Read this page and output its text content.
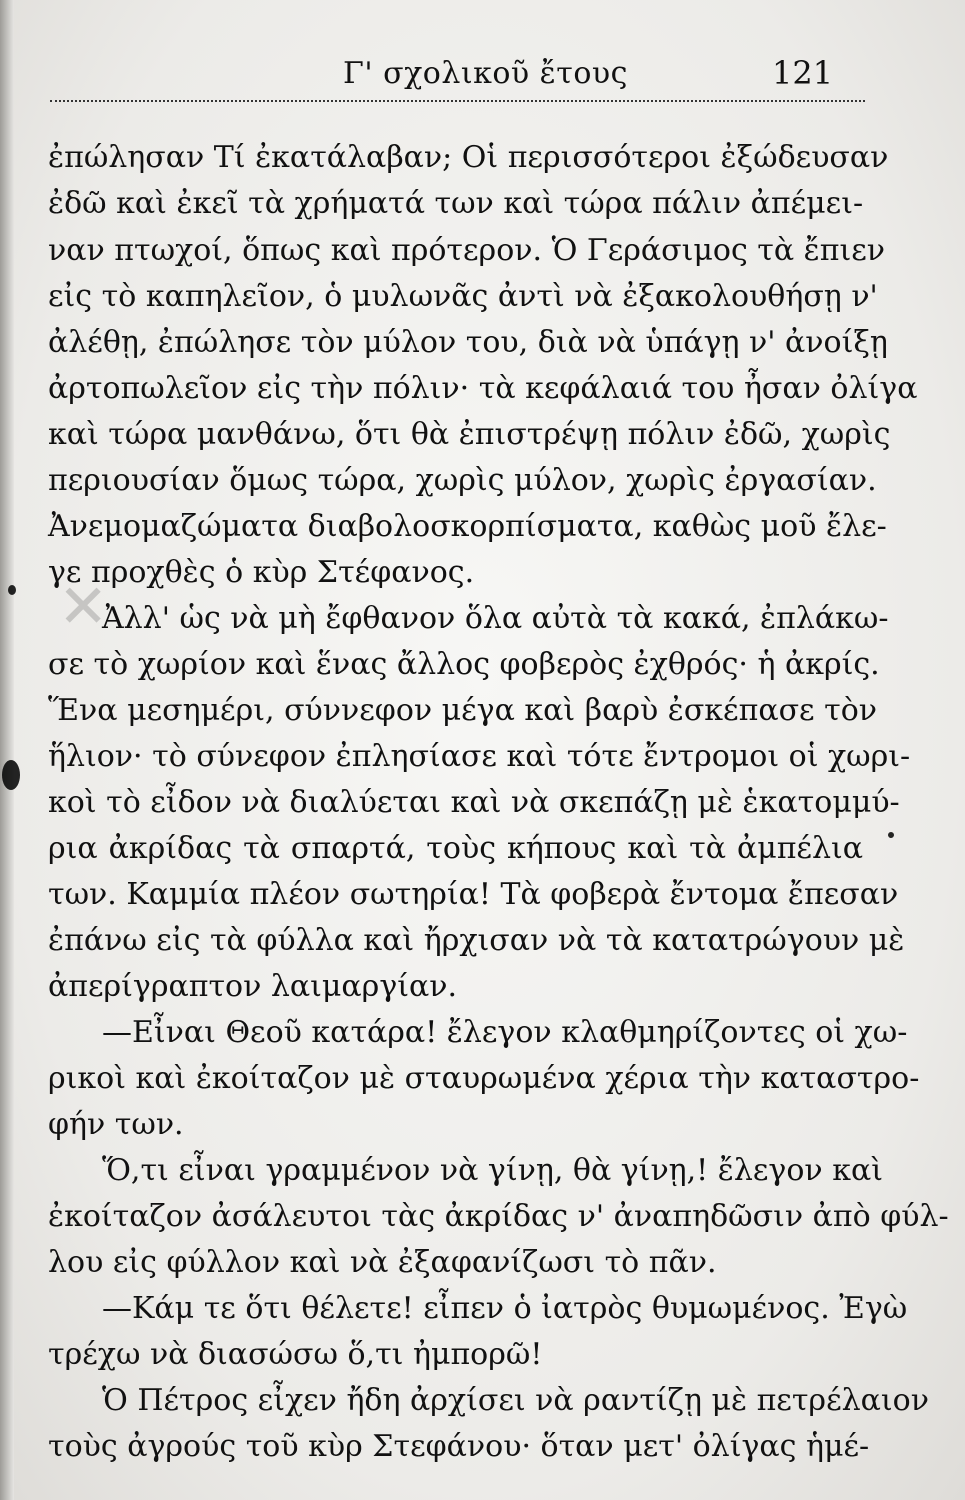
Γ' σχολικοῦ ἔτους	121
ἐπώλησαν Τί ἐκατάλαβαν; Οἱ περισσότεροι ἐξώδευσαν
ἐδῶ καὶ ἐκεῖ τὰ χρήματά των καὶ τώρα πάλιν ἀπέμει-
ναν πτωχοί, ὅπως καὶ πρότερον. Ὁ Γεράσιμος τὰ ἔπιεν
εἰς τὸ καπηλεῖον, ὁ μυλωνᾶς ἀντὶ νὰ ἐξακολουθήσῃ ν'
ἀλέθῃ, ἐπώλησε τὸν μύλον του, διὰ νὰ ὑπάγῃ ν' ἀνοίξῃ
ἀρτοπωλεῖον εἰς τὴν πόλιν· τὰ κεφάλαιά του ἦσαν ὀλίγα
καὶ τώρα μανθάνω, ὅτι θὰ ἐπιστρέψῃ πόλιν ἐδῶ, χωρὶς
περιουσίαν ὅμως τώρα, χωρὶς μύλον, χωρὶς ἐργασίαν.
Ἀνεμομαζώματα διαβολοσκορπίσματα, καθὼς μοῦ ἔλε-
γε προχθὲς ὁ κὺρ Στέφανος.
Ἀλλ' ὡς νὰ μὴ ἔφθανον ὅλα αὐτὰ τὰ κακά, ἐπλάκω-
σε τὸ χωρίον καὶ ἕνας ἄλλος φοβερὸς ἐχθρός· ἡ ἀκρίς.
Ἕνα μεσημέρι, σύννεφον μέγα καὶ βαρὺ ἐσκέπασε τὸν
ἥλιον· τὸ σύνεφον ἐπλησίασε καὶ τότε ἔντρομοι οἱ χωρι-
κοὶ τὸ εἶδον νὰ διαλύεται καὶ νὰ σκεπάζῃ μὲ ἑκατομμύ-
ρια ἀκρίδας τὰ σπαρτά, τοὺς κήπους καὶ τὰ ἀμπέλια
των. Καμμία πλέον σωτηρία! Τὰ φοβερὰ ἔντομα ἔπεσαν
ἐπάνω εἰς τὰ φύλλα καὶ ἤρχισαν νὰ τὰ κατατρώγουν μὲ
ἀπερίγραπτον λαιμαργίαν.
—Εἶναι Θεοῦ κατάρα! ἔλεγον κλαθμηρίζοντες οἱ χω-
ρικοὶ καὶ ἐκοίταζον μὲ σταυρωμένα χέρια τὴν καταστρο-
φήν των.
Ὅ,τι εἶναι γραμμένον νὰ γίνῃ, θὰ γίνῃ,! ἔλεγον καὶ
ἐκοίταζον ἀσάλευτοι τὰς ἀκρίδας ν' ἀναπηδῶσιν ἀπὸ φύλ-
λου εἰς φύλλον καὶ νὰ ἐξαφανίζωσι τὸ πᾶν.
—Κάμ τε ὅτι θέλετε! εἶπεν ὁ ἰατρὸς θυμωμένος. Ἐγὼ
τρέχω νὰ διασώσω ὅ,τι ἠμπορῶ!
Ὁ Πέτρος εἶχεν ἤδη ἀρχίσει νὰ ραντίζῃ μὲ πετρέλαιον
τοὺς ἀγρούς τοῦ κὺρ Στεφάνου· ὅταν μετ' ὀλίγας ἡμέ-
✕
